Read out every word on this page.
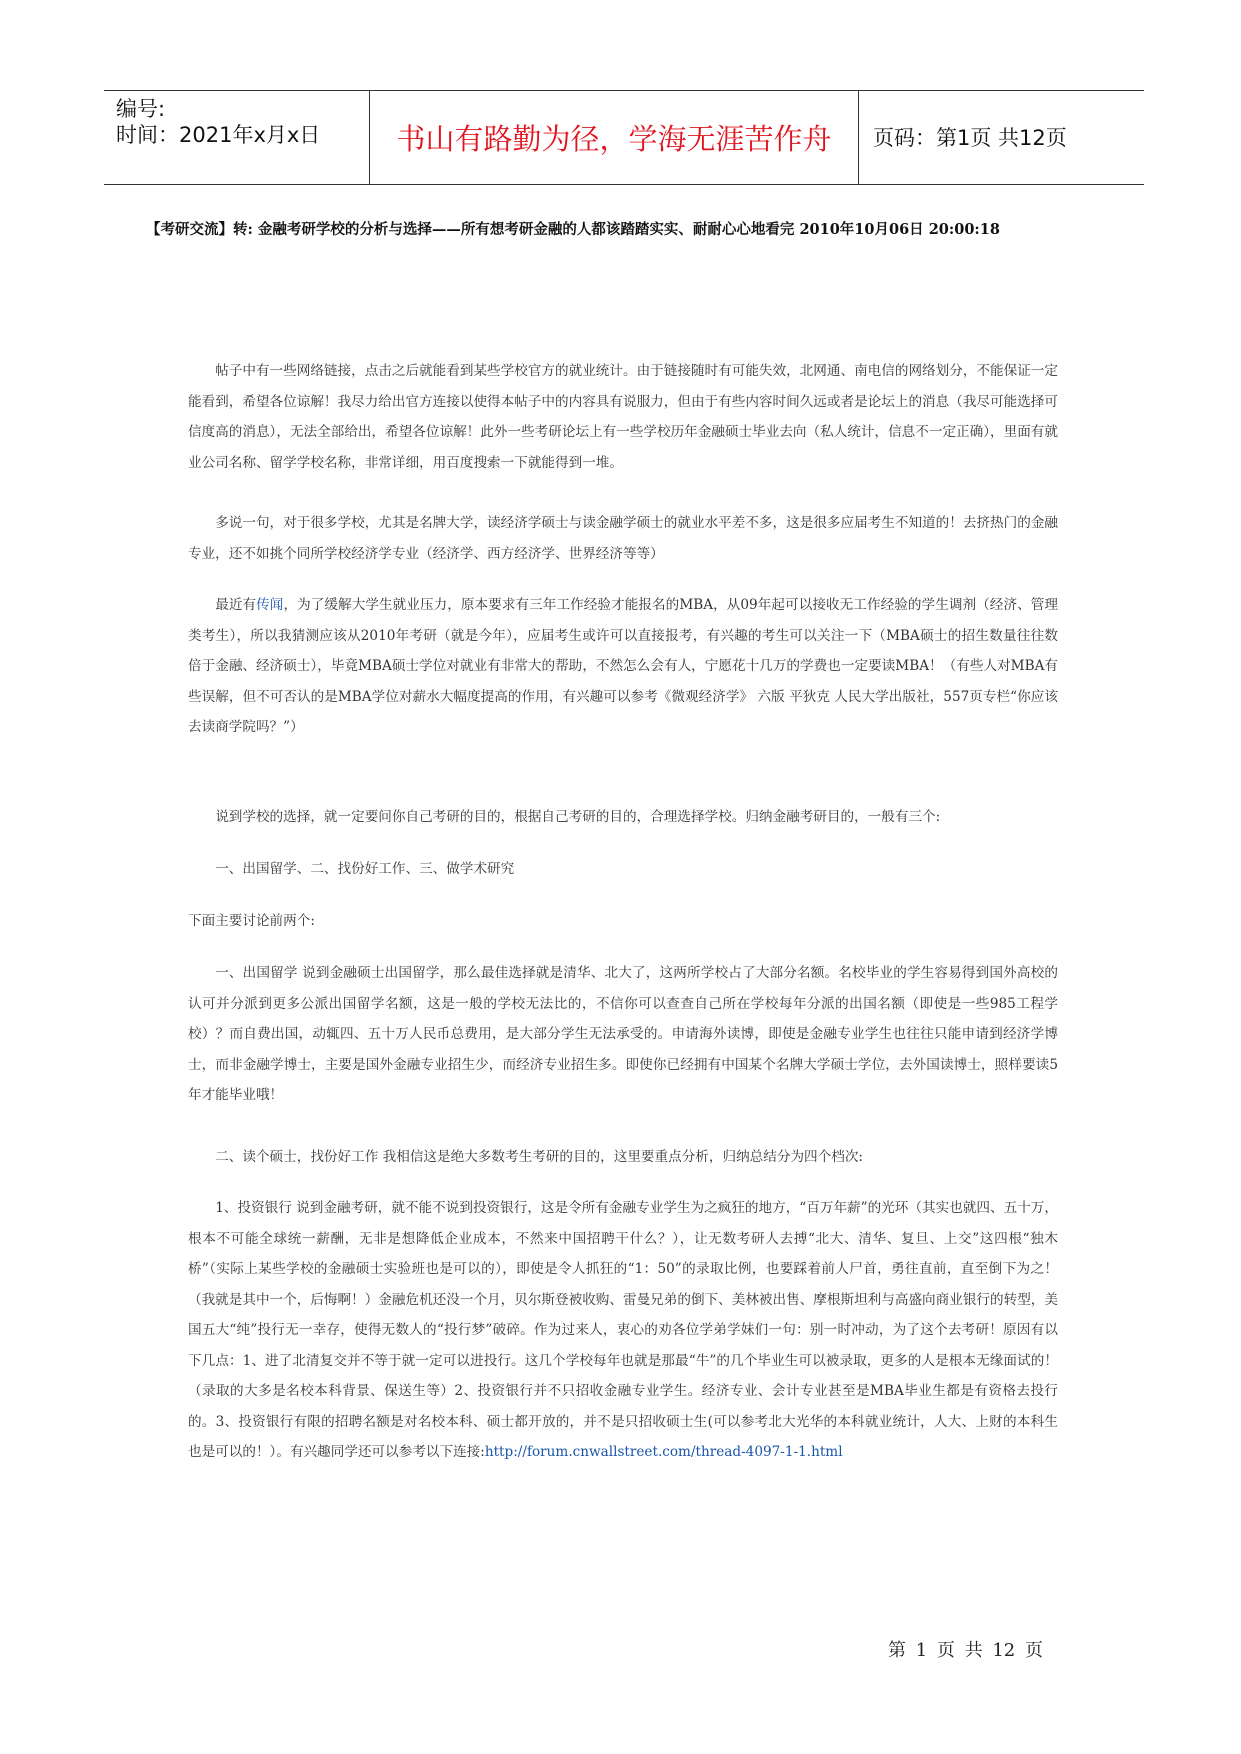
编号:
时间：2021年x月x日	书山有路勤为径，学海无涯苦作舟	页码：第1页 共12页
【考研交流】转: 金融考研学校的分析与选择——所有想考研金融的人都该踏踏实实、耐耐心心地看完 2010年10月06日 20:00:18

帖子中有一些网络链接，点击之后就能看到某些学校官方的就业统计。由于链接随时有可能失效，北网通、南电信的网络划分，不能保证一定能看到，希望各位谅解！我尽力给出官方连接以使得本帖子中的内容具有说服力，但由于有些内容时间久远或者是论坛上的消息（我尽可能选择可信度高的消息），无法全部给出，希望各位谅解！此外一些考研论坛上有一些学校历年金融硕士毕业去向（私人统计，信息不一定正确），里面有就业公司名称、留学学校名称，非常详细，用百度搜索一下就能得到一堆。

多说一句，对于很多学校，尤其是名牌大学，读经济学硕士与读金融学硕士的就业水平差不多，这是很多应届考生不知道的！去挤热门的金融专业，还不如挑个同所学校经济学专业（经济学、西方经济学、世界经济等等）

最近有传闻，为了缓解大学生就业压力，原本要求有三年工作经验才能报名的MBA，从09年起可以接收无工作经验的学生调剂（经济、管理类考生），所以我猜测应该从2010年考研（就是今年），应届考生或许可以直接报考，有兴趣的考生可以关注一下（MBA硕士的招生数量往往数倍于金融、经济硕士），毕竟MBA硕士学位对就业有非常大的帮助，不然怎么会有人，宁愿花十几万的学费也一定要读MBA！（有些人对MBA有些误解，但不可否认的是MBA学位对薪水大幅度提高的作用，有兴趣可以参考《微观经济学》 六版 平狄克 人民大学出版社，557页专栏“你应该去读商学院吗？”）

说到学校的选择，就一定要问你自己考研的目的，根据自己考研的目的，合理选择学校。归纳金融考研目的，一般有三个:

一、出国留学、二、找份好工作、三、做学术研究

下面主要讨论前两个:

一、出国留学 说到金融硕士出国留学，那么最佳选择就是清华、北大了，这两所学校占了大部分名额。名校毕业的学生容易得到国外高校的认可并分派到更多公派出国留学名额，这是一般的学校无法比的，不信你可以查查自己所在学校每年分派的出国名额（即使是一些985工程学校）？而自费出国，动辄四、五十万人民币总费用，是大部分学生无法承受的。申请海外读博，即使是金融专业学生也往往只能申请到经济学博士，而非金融学博士，主要是国外金融专业招生少，而经济专业招生多。即使你已经拥有中国某个名牌大学硕士学位，去外国读博士，照样要读5年才能毕业哦！

二、读个硕士，找份好工作 我相信这是绝大多数考生考研的目的，这里要重点分析，归纳总结分为四个档次:

1、投资银行 说到金融考研，就不能不说到投资银行，这是令所有金融专业学生为之疯狂的地方，“百万年薪”的光环（其实也就四、五十万，根本不可能全球统一薪酬，无非是想降低企业成本，不然来中国招聘干什么？），让无数考研人去搏“北大、清华、复旦、上交”这四根“独木桥”（实际上某些学校的金融硕士实验班也是可以的），即使是令人抓狂的“1：50”的录取比例，也要踩着前人尸首，勇往直前，直至倒下为之！（我就是其中一个，后悔啊！）金融危机还没一个月，贝尔斯登被收购、雷曼兄弟的倒下、美林被出售、摩根斯坦利与高盛向商业银行的转型，美国五大“纯”投行无一幸存，使得无数人的“投行梦”破碎。作为过来人，衷心的劝各位学弟学妹们一句：别一时冲动，为了这个去考研！原因有以下几点：1、进了北清复交并不等于就一定可以进投行。这几个学校每年也就是那最“牛”的几个毕业生可以被录取，更多的人是根本无缘面试的！（录取的大多是名校本科背景、保送生等）2、投资银行并不只招收金融专业学生。经济专业、会计专业甚至是MBA毕业生都是有资格去投行的。3、投资银行有限的招聘名额是对名校本科、硕士都开放的，并不是只招收硕士生(可以参考北大光华的本科就业统计，人大、上财的本科生也是可以的！）。有兴趣同学还可以参考以下连接:http://forum.cnwallstreet.com/thread-4097-1-1.html

第 1 页 共 12 页
